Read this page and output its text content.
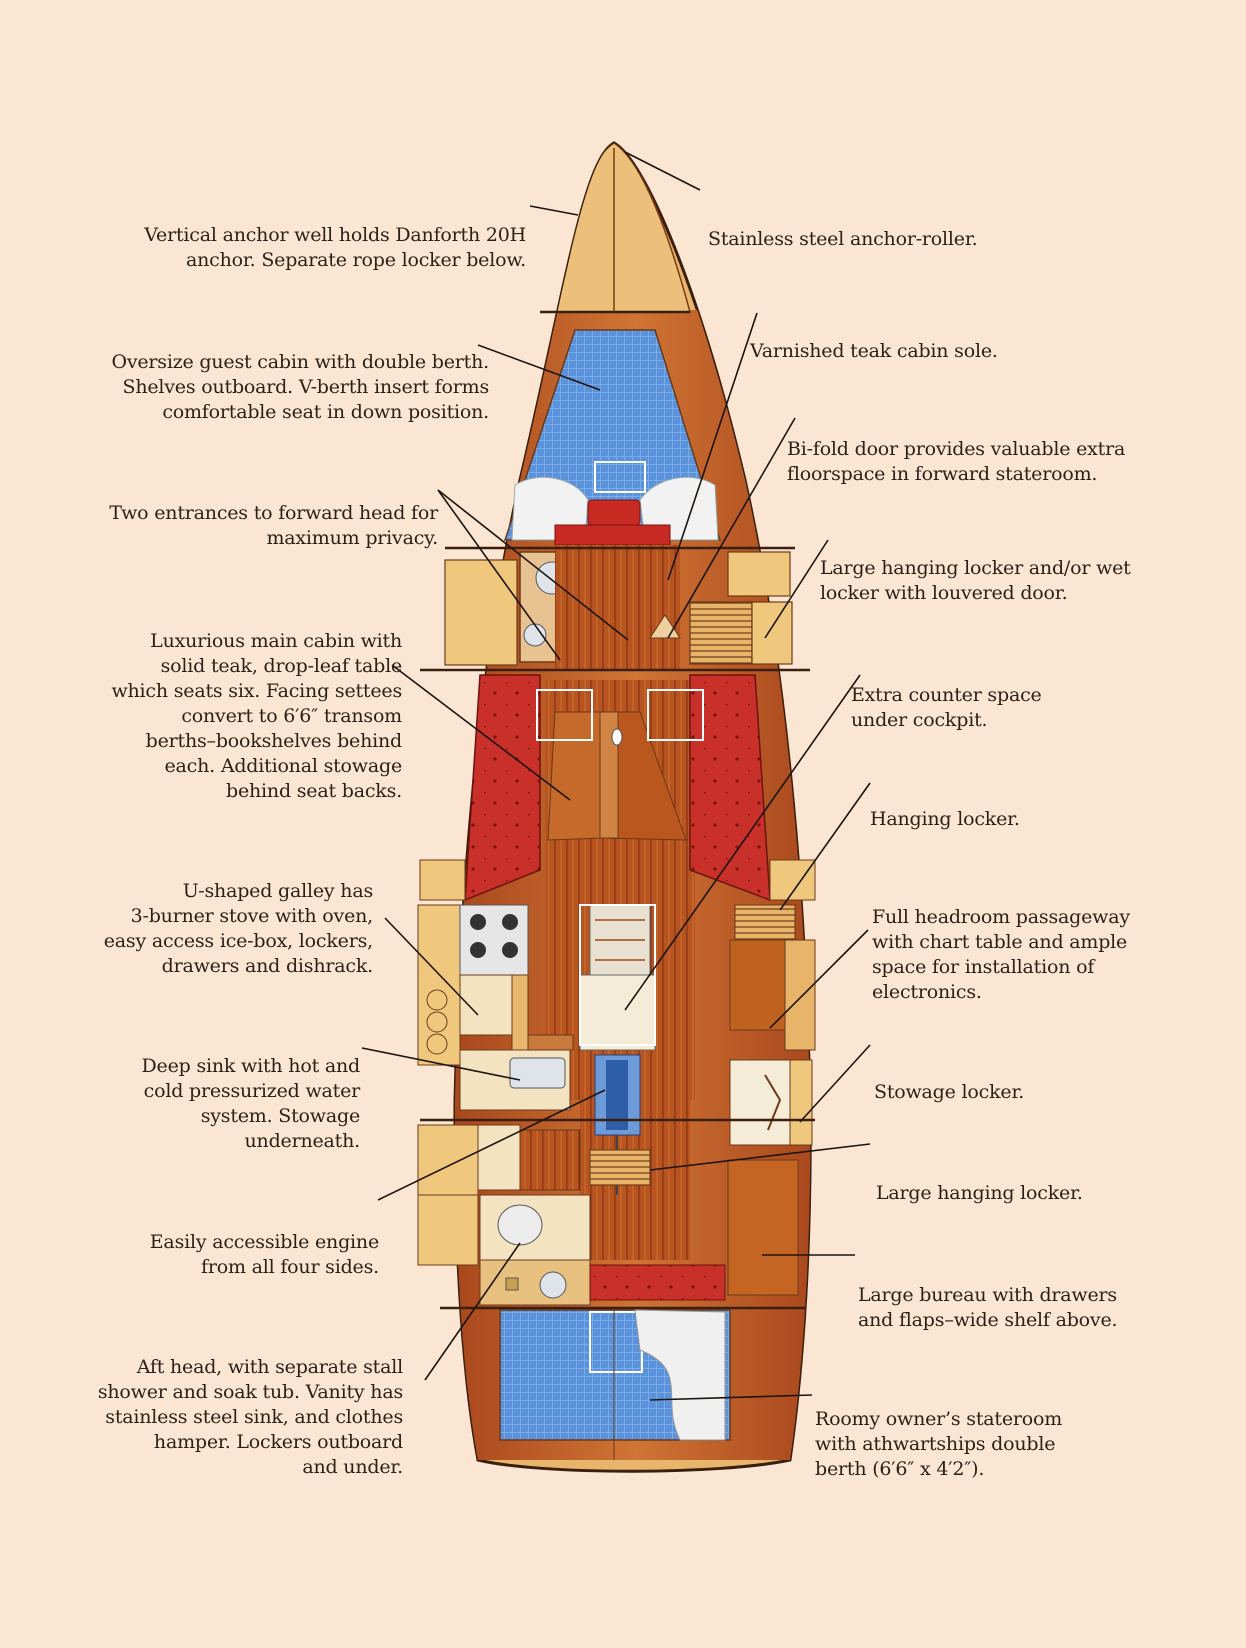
Vertical anchor well holds Danforth 20H
anchor. Separate rope locker below.

Oversize guest cabin with double berth.
Shelves outboard. V-berth insert forms
comfortable seat in down position.

Two entrances to forward head for
maximum privacy.

Luxurious main cabin with
solid teak, drop-leaf table
which seats six. Facing settees
convert to 6′6″ transom
berths–bookshelves behind
each. Additional stowage
behind seat backs.

U-shaped galley has
3-burner stove with oven,
easy access ice-box, lockers,
drawers and dishrack.

Deep sink with hot and
cold pressurized water
system. Stowage
underneath.

Easily accessible engine
from all four sides.

Aft head, with separate stall
shower and soak tub. Vanity has
stainless steel sink, and clothes
hamper. Lockers outboard
and under.

Stainless steel anchor-roller.

Varnished teak cabin sole.

Bi-fold door provides valuable extra
floorspace in forward stateroom.

Large hanging locker and/or wet
locker with louvered door.

Extra counter space
under cockpit.

Hanging locker.

Full headroom passageway
with chart table and ample
space for installation of
electronics.

Stowage locker.

Large hanging locker.

Large bureau with drawers
and flaps–wide shelf above.

Roomy owner’s stateroom
with athwartships double
berth (6′6″ x 4′2″).
